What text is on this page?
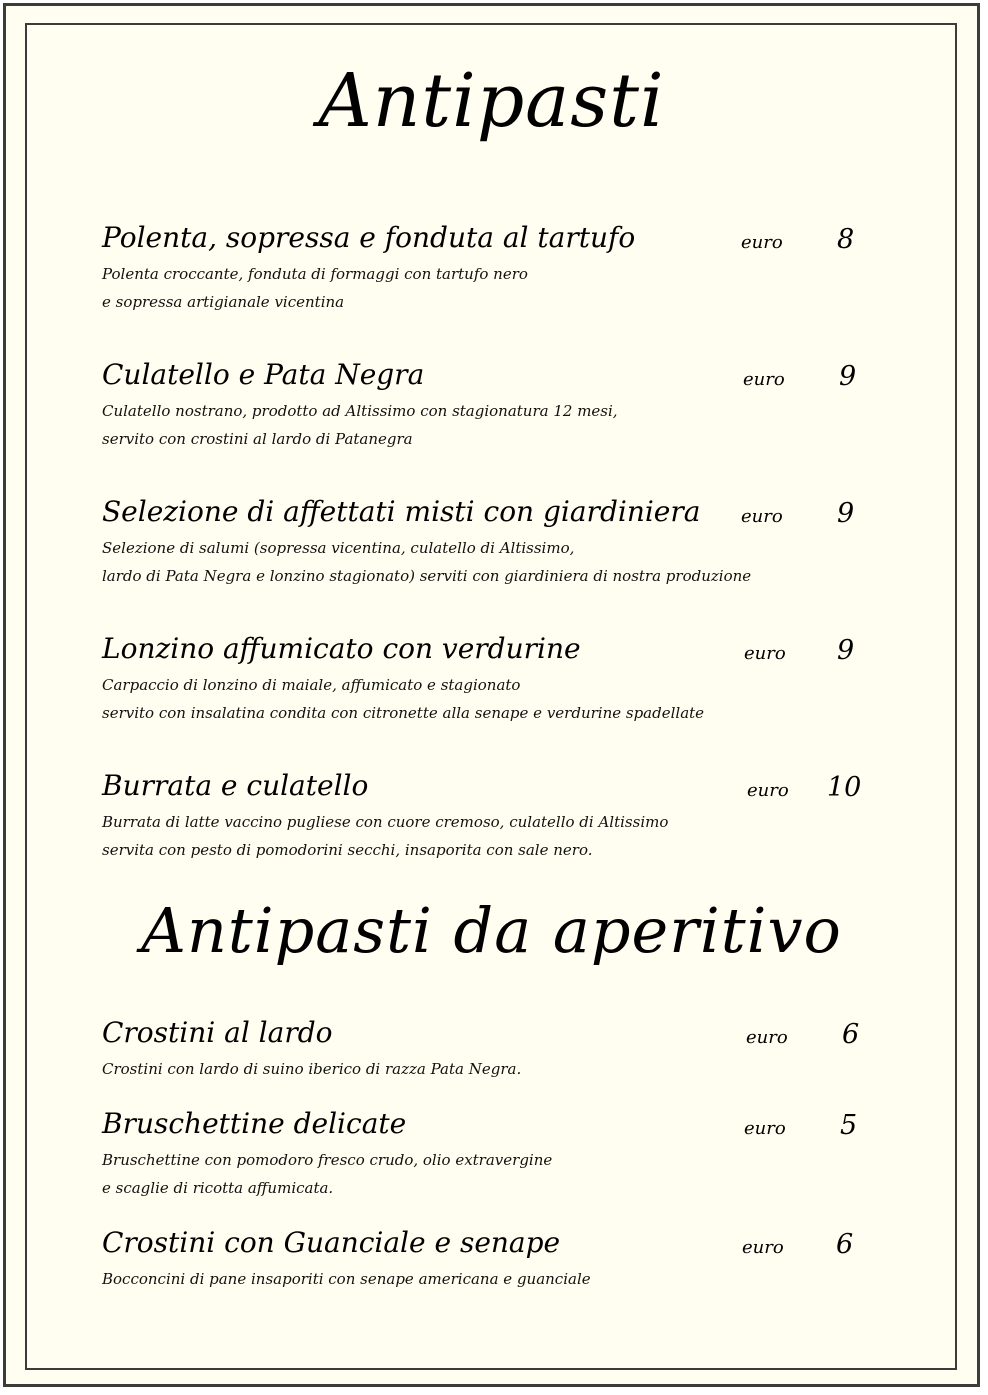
Antipasti
Polenta, sopressa e fonduta al tartufo	euro 8
Polenta croccante, fonduta di formaggi con tartufo nero
e sopressa artigianale vicentina
Culatello e Pata Negra	euro 9
Culatello nostrano, prodotto ad Altissimo con stagionatura 12 mesi,
servito con crostini al lardo di Patanegra
Selezione di affettati misti con giardiniera	euro 9
Selezione di salumi (sopressa vicentina, culatello di Altissimo,
lardo di Pata Negra e lonzino stagionato) serviti con giardiniera di nostra produzione
Lonzino affumicato con verdurine	euro 9
Carpaccio di lonzino di maiale, affumicato e stagionato
servito con insalatina condita con citronette alla senape e verdurine spadellate
Burrata e culatello	euro 10
Burrata di latte vaccino pugliese con cuore cremoso, culatello di Altissimo
servita con pesto di pomodorini secchi, insaporita con sale nero.
Antipasti da aperitivo
Crostini al lardo	euro 6
Crostini con lardo di suino iberico di razza Pata Negra.
Bruschettine delicate	euro 5
Bruschettine con pomodoro fresco crudo, olio extravergine
e scaglie di ricotta affumicata.
Crostini con Guanciale e senape	euro 6
Bocconcini di pane insaporiti con senape americana e guanciale
